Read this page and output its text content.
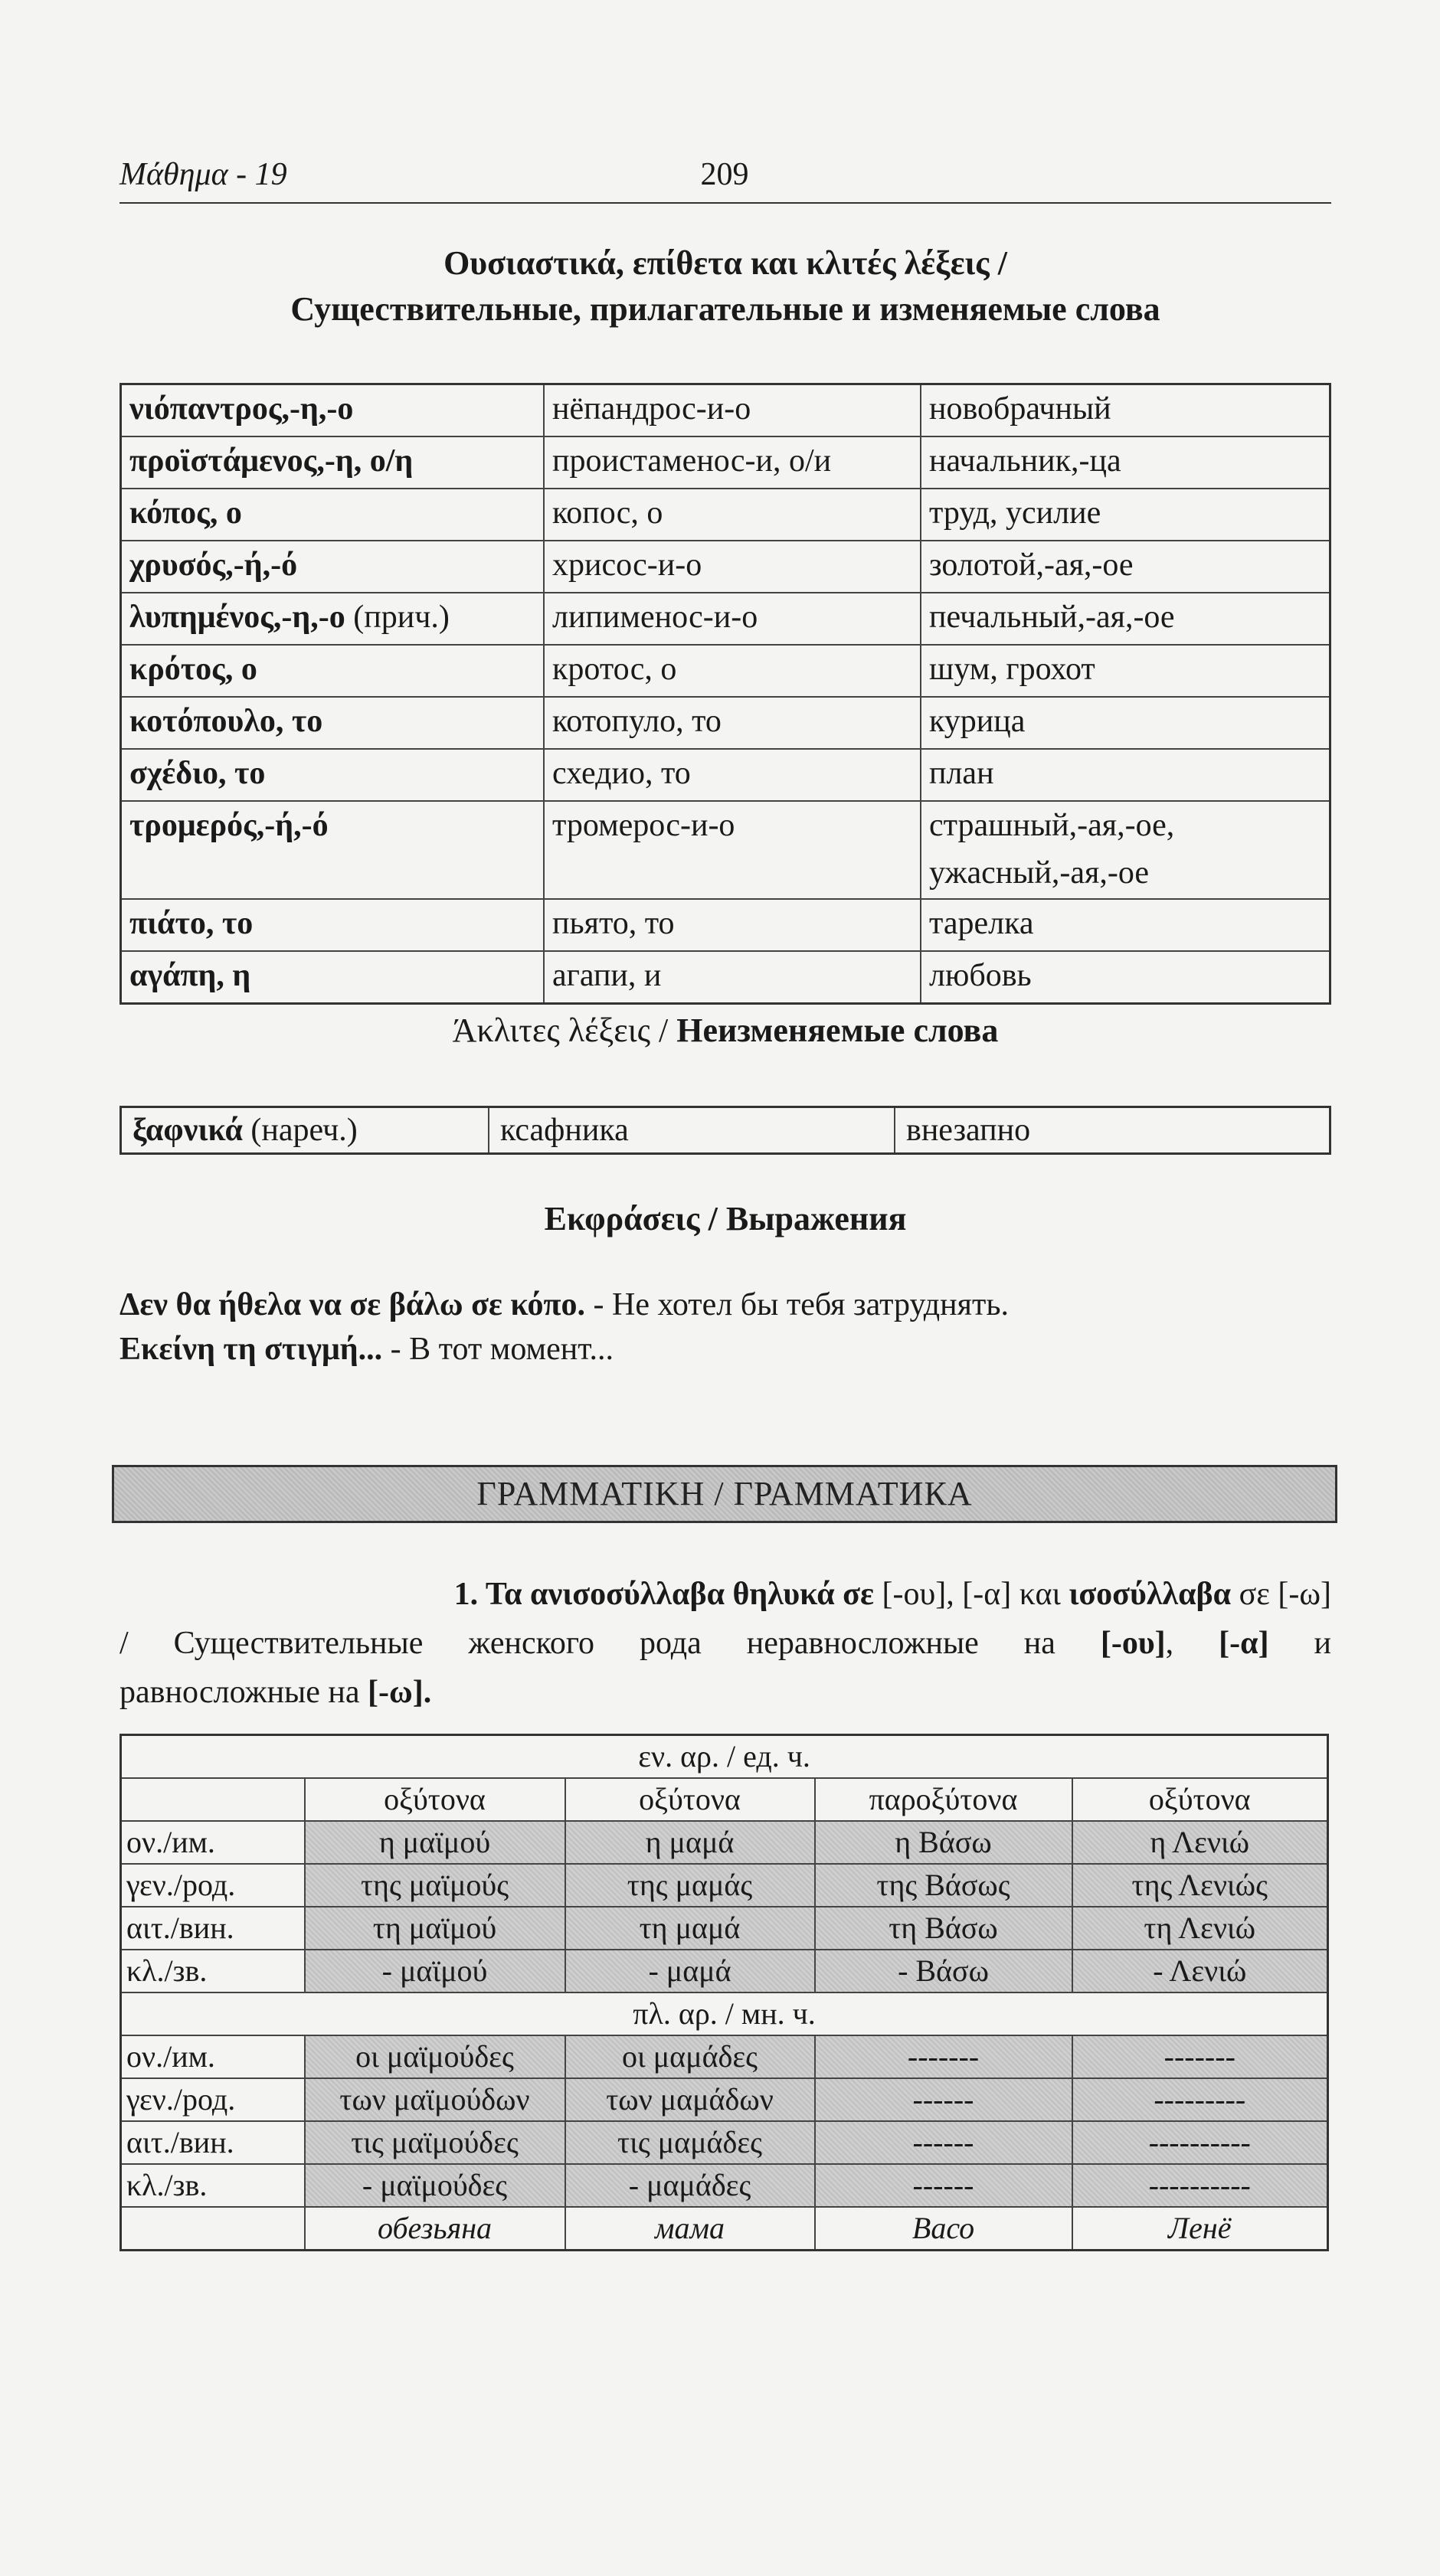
Μάθημα - 19	209
Ουσιαστικά, επίθετα και κλιτές λέξεις /
Существительные, прилагательные и изменяемые слова
νιόπαντρος,-η,-ο	нёпандрос-и-о	новобрачный
προϊστάμενος,-η, ο/η	проистаменос-и, о/и	начальник,-ца
κόπος, ο	копос, о	труд, усилие
χρυσός,-ή,-ό	хрисос-и-о	золотой,-ая,-ое
λυπημένος,-η,-ο (прич.)	липименос-и-о	печальный,-ая,-ое
κρότος, ο	кротос, о	шум, грохот
κοτόπουλο, το	котопуло, то	курица
σχέδιο, το	схедио, то	план
τρομερός,-ή,-ό	тромерос-и-о	страшный,-ая,-ое,
ужасный,-ая,-ое

πιάτο, το	пьято, то	тарелка
αγάπη, η	агапи, и	любовь
Άκλιτες λέξεις / Неизменяемые слова
ξαφνικά (нареч.)	ксафника	внезапно
Εκφράσεις / Выражения
Δεν θα ήθελα να σε βάλω σε κόπο. - Не хотел бы тебя затруднять.
Εκείνη τη στιγμή... - В тот момент...
ΓΡΑΜΜΑΤΙΚΗ / ГРАММАТИКА
1. Τα ανισοσύλλαβα θηλυκά σε [-ου], [-α] και ισοσύλλαβα σε [-ω]
/ Существительные женского рода неравносложные на [-ου], [-α] и
равносложные на [-ω].
εν. αρ. / ед. ч.				
	οξύτονα	οξύτονα	παροξύτονα	οξύτονα
ον./им.	η μαϊμού	η μαμά	η Βάσω	η Λενιώ
γεν./род.	της μαϊμούς	της μαμάς	της Βάσως	της Λενιώς
αιτ./вин.	τη μαϊμού	τη μαμά	τη Βάσω	τη Λενιώ
κλ./зв.	- μαϊμού	- μαμά	- Βάσω	- Λενιώ
πλ. αρ. / мн. ч.				
ον./им.	οι μαϊμούδες	οι μαμάδες	-------	-------
γεν./род.	των μαϊμούδων	των μαμάδων	------	---------
αιτ./вин.	τις μαϊμούδες	τις μαμάδες	------	----------
κλ./зв.	- μαϊμούδες	- μαμάδες	------	----------
	обезьяна	мама	Васо	Ленё
